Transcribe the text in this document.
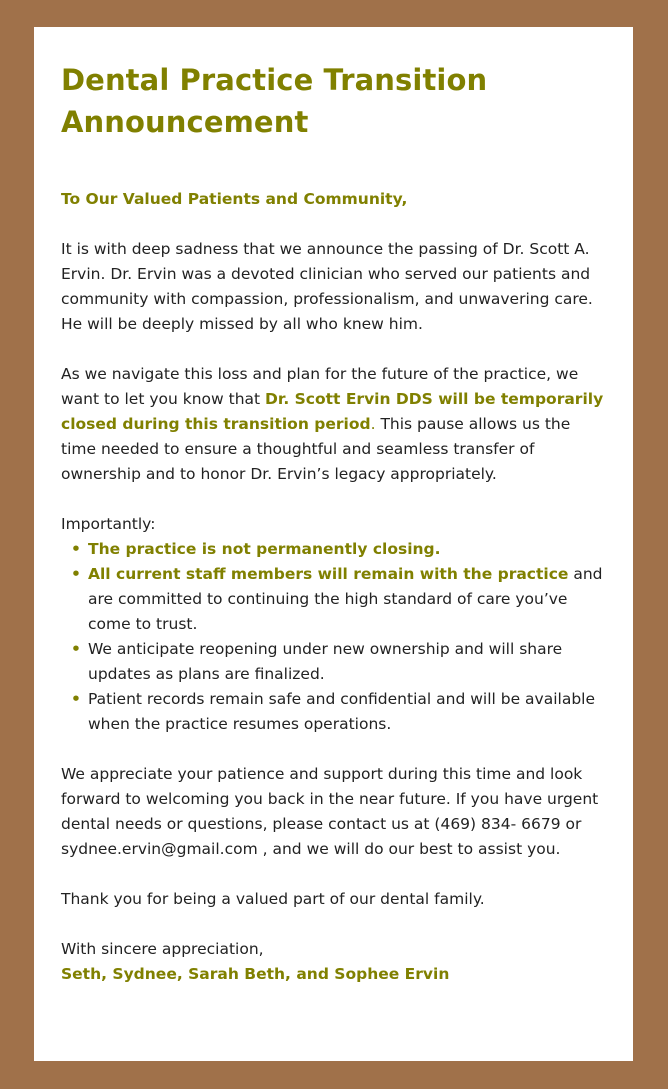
Dental Practice Transition Announcement
To Our Valued Patients and Community,

It is with deep sadness that we announce the passing of Dr. Scott A. Ervin. Dr. Ervin was a devoted clinician who served our patients and community with compassion, professionalism, and unwavering care. He will be deeply missed by all who knew him.

As we navigate this loss and plan for the future of the practice, we want to let you know that Dr. Scott Ervin DDS will be temporarily closed during this transition period. This pause allows us the time needed to ensure a thoughtful and seamless transfer of ownership and to honor Dr. Ervin’s legacy appropriately.

Importantly:
• The practice is not permanently closing.
• All current staff members will remain with the practice and are committed to continuing the high standard of care you’ve come to trust.
• We anticipate reopening under new ownership and will share updates as plans are finalized.
• Patient records remain safe and confidential and will be available when the practice resumes operations.

We appreciate your patience and support during this time and look forward to welcoming you back in the near future. If you have urgent dental needs or questions, please contact us at (469) 834- 6679 or sydnee.ervin@gmail.com , and we will do our best to assist you.

Thank you for being a valued part of our dental family.

With sincere appreciation,
Seth, Sydnee, Sarah Beth, and Sophee Ervin
